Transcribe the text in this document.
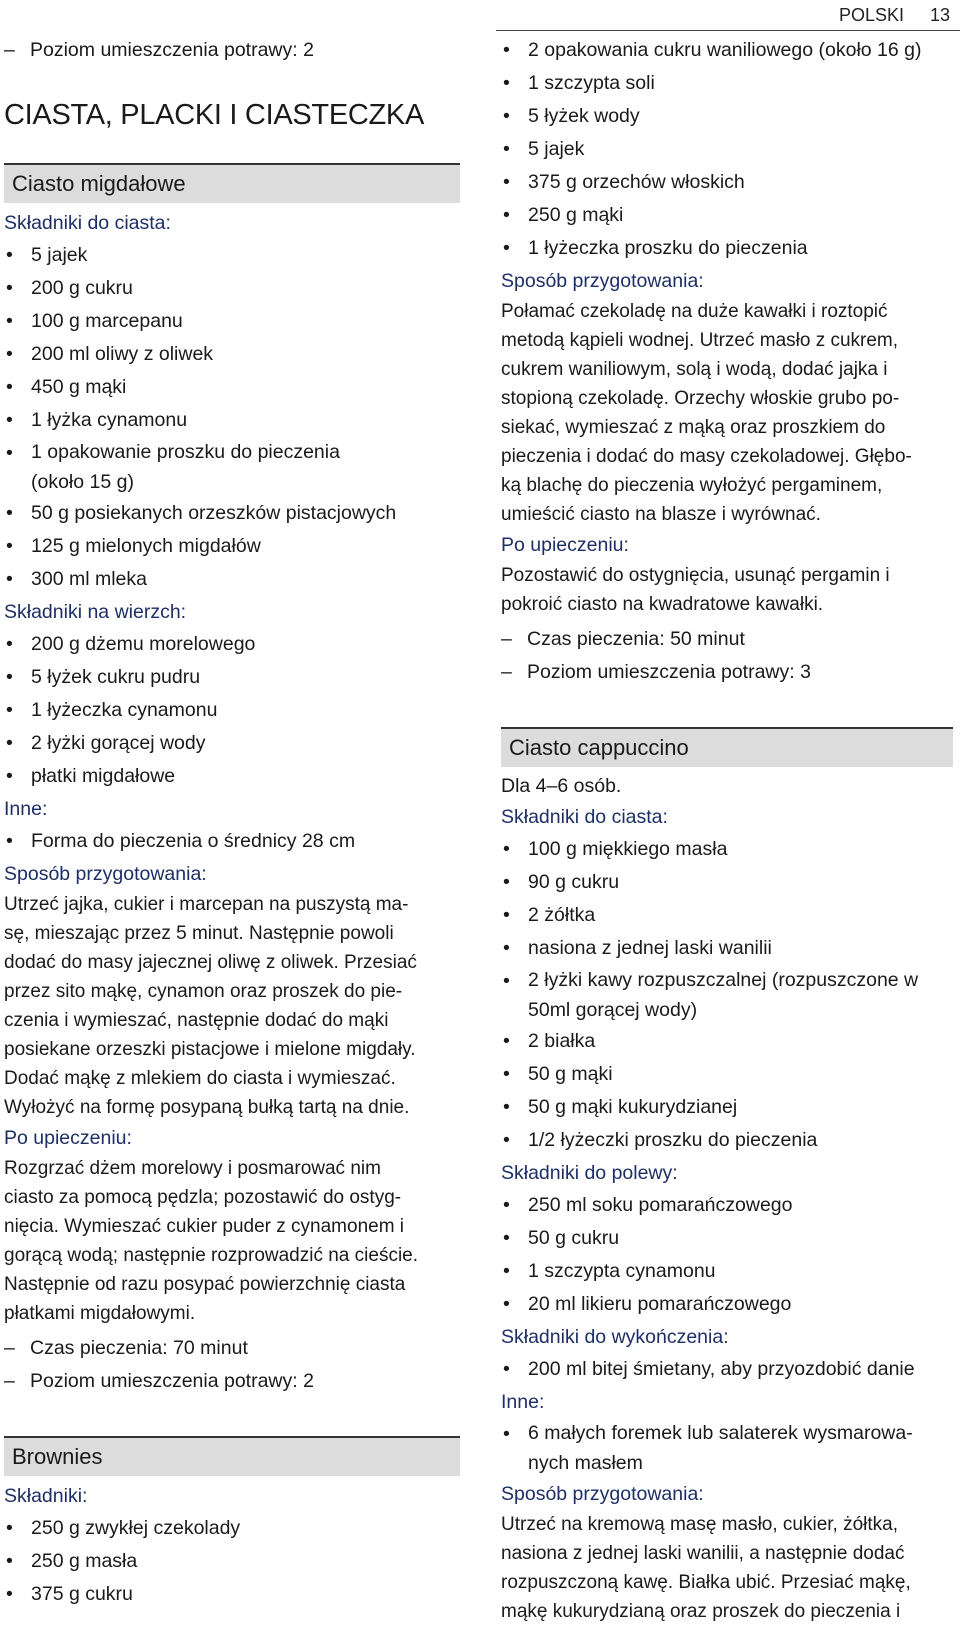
POLSKI 13
– Poziom umieszczenia potrawy: 2
CIASTA, PLACKI I CIASTECZKA
Ciasto migdałowe
Składniki do ciasta:
• 5 jajek
• 200 g cukru
• 100 g marcepanu
• 200 ml oliwy z oliwek
• 450 g mąki
• 1 łyżka cynamonu
• 1 opakowanie proszku do pieczenia (około 15 g)
• 50 g posiekanych orzeszków pistacjowych
• 125 g mielonych migdałów
• 300 ml mleka
Składniki na wierzch:
• 200 g dżemu morelowego
• 5 łyżek cukru pudru
• 1 łyżeczka cynamonu
• 2 łyżki gorącej wody
• płatki migdałowe
Inne:
• Forma do pieczenia o średnicy 28 cm
Sposób przygotowania:
Utrzeć jajka, cukier i marcepan na puszystą ma-
sę, mieszając przez 5 minut. Następnie powoli
dodać do masy jajecznej oliwę z oliwek. Przesiać
przez sito mąkę, cynamon oraz proszek do pie-
czenia i wymieszać, następnie dodać do mąki
posiekane orzeszki pistacjowe i mielone migdały.
Dodać mąkę z mlekiem do ciasta i wymieszać.
Wyłożyć na formę posypaną bułką tartą na dnie.
Po upieczeniu:
Rozgrzać dżem morelowy i posmarować nim
ciasto za pomocą pędzla; pozostawić do ostyg-
nięcia. Wymieszać cukier puder z cynamonem i
gorącą wodą; następnie rozprowadzić na cieście.
Następnie od razu posypać powierzchnię ciasta
płatkami migdałowymi.
– Czas pieczenia: 70 minut
– Poziom umieszczenia potrawy: 2
Brownies
Składniki:
• 250 g zwykłej czekolady
• 250 g masła
• 375 g cukru
• 2 opakowania cukru waniliowego (około 16 g)
• 1 szczypta soli
• 5 łyżek wody
• 5 jajek
• 375 g orzechów włoskich
• 250 g mąki
• 1 łyżeczka proszku do pieczenia
Sposób przygotowania:
Połamać czekoladę na duże kawałki i roztopić
metodą kąpieli wodnej. Utrzeć masło z cukrem,
cukrem waniliowym, solą i wodą, dodać jajka i
stopioną czekoladę. Orzechy włoskie grubo po-
siekać, wymieszać z mąką oraz proszkiem do
pieczenia i dodać do masy czekoladowej. Głębo-
ką blachę do pieczenia wyłożyć pergaminem,
umieścić ciasto na blasze i wyrównać.
Po upieczeniu:
Pozostawić do ostygnięcia, usunąć pergamin i
pokroić ciasto na kwadratowe kawałki.
– Czas pieczenia: 50 minut
– Poziom umieszczenia potrawy: 3
Ciasto cappuccino
Dla 4–6 osób.
Składniki do ciasta:
• 100 g miękkiego masła
• 90 g cukru
• 2 żółtka
• nasiona z jednej laski wanilii
• 2 łyżki kawy rozpuszczalnej (rozpuszczone w 50ml gorącej wody)
• 2 białka
• 50 g mąki
• 50 g mąki kukurydzianej
• 1/2 łyżeczki proszku do pieczenia
Składniki do polewy:
• 250 ml soku pomarańczowego
• 50 g cukru
• 1 szczypta cynamonu
• 20 ml likieru pomarańczowego
Składniki do wykończenia:
• 200 ml bitej śmietany, aby przyozdobić danie
Inne:
• 6 małych foremek lub salaterek wysmarowa-nych masłem
Sposób przygotowania:
Utrzeć na kremową masę masło, cukier, żółtka,
nasiona z jednej laski wanilii, a następnie dodać
rozpuszczoną kawę. Białka ubić. Przesiać mąkę,
mąkę kukurydzianą oraz proszek do pieczenia i
